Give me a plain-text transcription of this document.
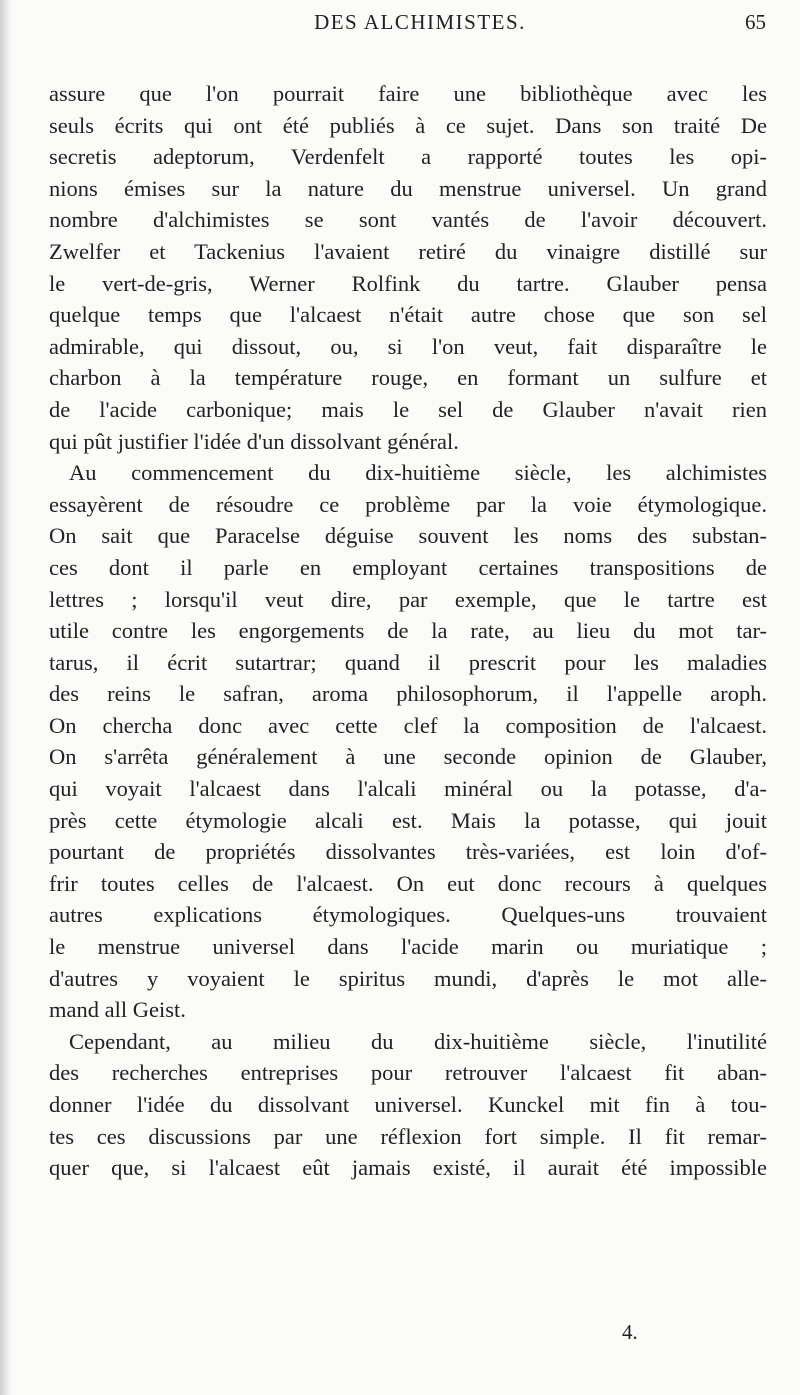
DES ALCHIMISTES.	65
assure que l'on pourrait faire une bibliothèque avec les
seuls écrits qui ont été publiés à ce sujet. Dans son traité De
secretis adeptorum, Verdenfelt a rapporté toutes les opi-
nions émises sur la nature du menstrue universel. Un grand
nombre d'alchimistes se sont vantés de l'avoir découvert.
Zwelfer et Tackenius l'avaient retiré du vinaigre distillé sur
le vert-de-gris, Werner Rolfink du tartre. Glauber pensa
quelque temps que l'alcaest n'était autre chose que son sel
admirable, qui dissout, ou, si l'on veut, fait disparaître le
charbon à la température rouge, en formant un sulfure et
de l'acide carbonique; mais le sel de Glauber n'avait rien
qui pût justifier l'idée d'un dissolvant général.
Au commencement du dix-huitième siècle, les alchimistes
essayèrent de résoudre ce problème par la voie étymologique.
On sait que Paracelse déguise souvent les noms des substan-
ces dont il parle en employant certaines transpositions de
lettres ; lorsqu'il veut dire, par exemple, que le tartre est
utile contre les engorgements de la rate, au lieu du mot tar-
tarus, il écrit sutartrar; quand il prescrit pour les maladies
des reins le safran, aroma philosophorum, il l'appelle aroph.
On chercha donc avec cette clef la composition de l'alcaest.
On s'arrêta généralement à une seconde opinion de Glauber,
qui voyait l'alcaest dans l'alcali minéral ou la potasse, d'a-
près cette étymologie alcali est. Mais la potasse, qui jouit
pourtant de propriétés dissolvantes très-variées, est loin d'of-
frir toutes celles de l'alcaest. On eut donc recours à quelques
autres explications étymologiques. Quelques-uns trouvaient
le menstrue universel dans l'acide marin ou muriatique ;
d'autres y voyaient le spiritus mundi, d'après le mot alle-
mand all Geist.
Cependant, au milieu du dix-huitième siècle, l'inutilité
des recherches entreprises pour retrouver l'alcaest fit aban-
donner l'idée du dissolvant universel. Kunckel mit fin à tou-
tes ces discussions par une réflexion fort simple. Il fit remar-
quer que, si l'alcaest eût jamais existé, il aurait été impossible
4.
